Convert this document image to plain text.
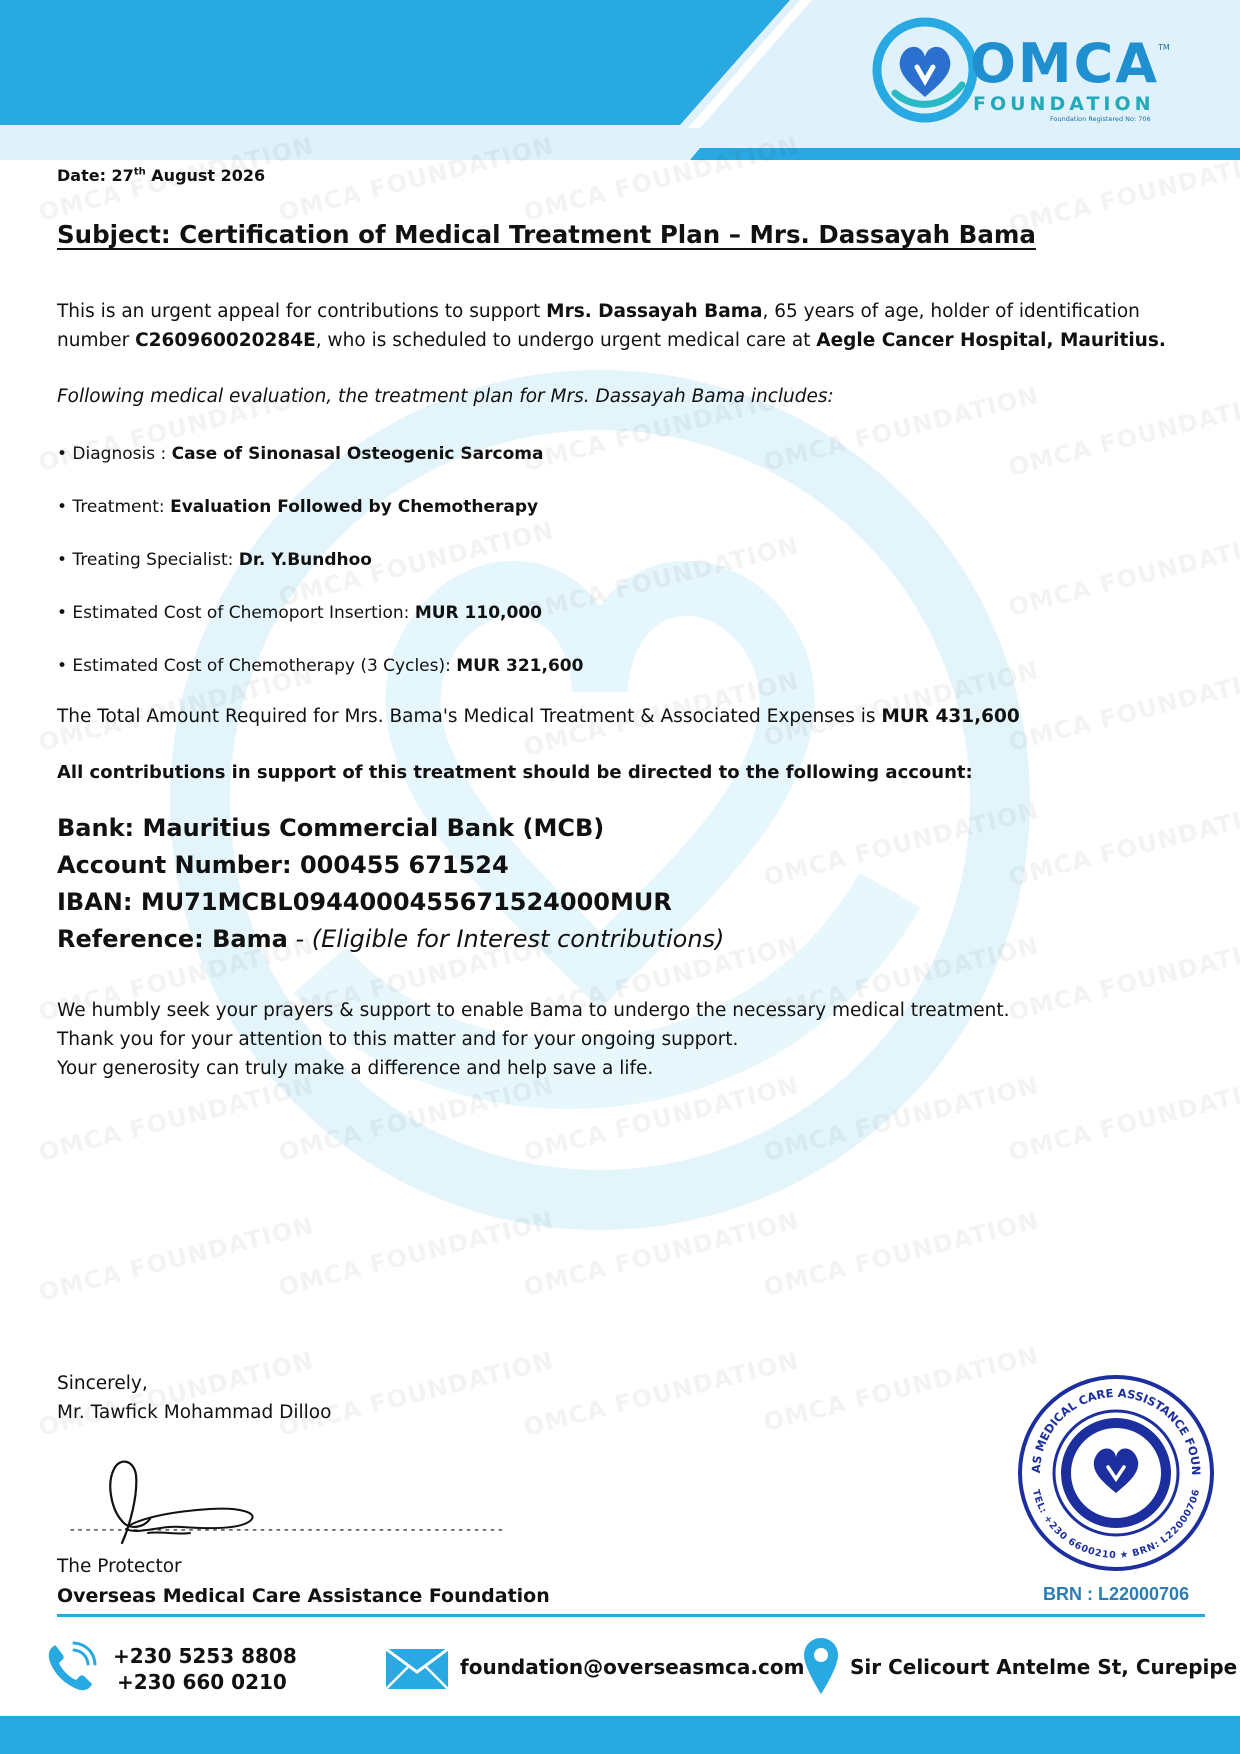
OMCA
TM
FOUNDATION
Foundation Registered No: 706
Date: 27th August 2026
Subject: Certification of Medical Treatment Plan – Mrs. Dassayah Bama
This is an urgent appeal for contributions to support Mrs. Dassayah Bama, 65 years of age, holder of identification
number C260960020284E, who is scheduled to undergo urgent medical care at Aegle Cancer Hospital, Mauritius.
Following medical evaluation, the treatment plan for Mrs. Dassayah Bama includes:
• Diagnosis : Case of Sinonasal Osteogenic Sarcoma
• Treatment: Evaluation Followed by Chemotherapy
• Treating Specialist: Dr. Y.Bundhoo
• Estimated Cost of Chemoport Insertion: MUR 110,000
• Estimated Cost of Chemotherapy (3 Cycles): MUR 321,600
The Total Amount Required for Mrs. Bama's Medical Treatment & Associated Expenses is MUR 431,600
All contributions in support of this treatment should be directed to the following account:
Bank: Mauritius Commercial Bank (MCB)
Account Number: 000455 671524
IBAN: MU71MCBL0944000455671524000MUR
Reference: Bama - (Eligible for Interest contributions)
We humbly seek your prayers & support to enable Bama to undergo the necessary medical treatment.
Thank you for your attention to this matter and for your ongoing support.
Your generosity can truly make a difference and help save a life.
Sincerely,
Mr. Tawfick Mohammad Dilloo
-------------------------------------------------------
The Protector
Overseas Medical Care Assistance Foundation
AS MEDICAL CARE ASSISTANCE FOUN
TEL: +230 6600210 ★ BRN: L22000706
BRN : L22000706
+230 5253 8808
+230 660 0210
foundation@overseasmca.com Sir Celicourt Antelme St, Curepipe
